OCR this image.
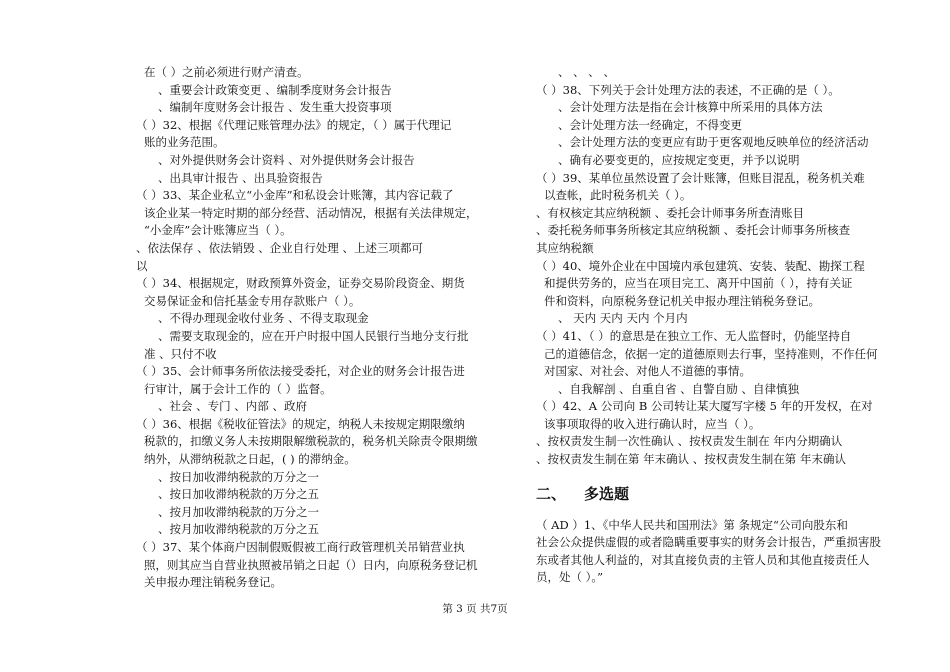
在（ ）之前必须进行财产清查。
、重要会计政策变更 、编制季度财务会计报告
、编制年度财务会计报告 、发生重大投资事项
（ ）32、根据《代理记账管理办法》的规定，（ ）属于代理记
账的业务范围。
、对外提供财务会计资料 、对外提供财务会计报告
、出具审计报告 、出具验资报告
（ ）33、某企业私立“小金库”和私设会计账簿，其内容记载了
该企业某一特定时期的部分经营、活动情况，根据有关法律规定，
“小金库”会计账簿应当（ ）。
、依法保存 、依法销毁 、企业自行处理 、上述三项都可
以
（ ）34、根据规定，财政预算外资金，证券交易阶段资金、期货
交易保证金和信托基金专用存款账户（ ）。
、不得办理现金收付业务 、不得支取现金
、需要支取现金的，应在开户时报中国人民银行当地分支行批
准 、只付不收
（ ）35、会计师事务所依法接受委托，对企业的财务会计报告进
行审计，属于会计工作的（ ）监督。
、社会 、专门 、内部 、政府
（ ）36、根据《税收征管法》的规定，纳税人未按规定期限缴纳
税款的，扣缴义务人未按期限解缴税款的，税务机关除责令限期缴
纳外，从滞纳税款之日起，( ) 的滞纳金。
、按日加收滞纳税款的万分之一
、按日加收滞纳税款的万分之五
、按月加收滞纳税款的万分之一
、按月加收滞纳税款的万分之五
（ ）37、某个体商户因制假贩假被工商行政管理机关吊销营业执
照，则其应当自营业执照被吊销之日起（）日内，向原税务登记机
关申报办理注销税务登记。
、 、 、 、
（ ）38、下列关于会计处理方法的表述，不正确的是（ ）。
、会计处理方法是指在会计核算中所采用的具体方法
、会计处理方法一经确定，不得变更
、会计处理方法的变更应有助于更客观地反映单位的经济活动
、确有必要变更的，应按规定变更，并予以说明
（ ）39、某单位虽然设置了会计账簿，但账目混乱，税务机关难
以查帐，此时税务机关（ ）。
、有权核定其应纳税额 、委托会计师事务所查清账目
、委托税务师事务所核定其应纳税额 、委托会计师事务所核查
其应纳税额
（ ）40、境外企业在中国境内承包建筑、安装、装配、勘探工程
和提供劳务的，应当在项目完工、离开中国前（ ），持有关证
件和资料，向原税务登记机关申报办理注销税务登记。
、 天内 天内 天内 个月内
（ ）41、（ ）的意思是在独立工作、无人监督时，仍能坚持自
己的道德信念，依据一定的道德原则去行事，坚持准则，不作任何
对国家、对社会、对他人不道德的事情。
、自我解剖 、自重自省 、自警自励 、自律慎独
（ ）42、A 公司向 B 公司转让某大厦写字楼 5 年的开发权，在对
该事项取得的收入进行确认时，应当（ ）。
、按权责发生制一次性确认 、按权责发生制在 年内分期确认
、按权责发生制在第 年末确认 、按权责发生制在第 年末确认
二、 多选题
（ AD ）1、《中华人民共和国刑法》第 条规定“公司向股东和
社会公众提供虚假的或者隐瞒重要事实的财务会计报告，严重损害股
东或者其他人利益的，对其直接负责的主管人员和其他直接责任人
员，处（ ）。”
第 3 页 共7页
